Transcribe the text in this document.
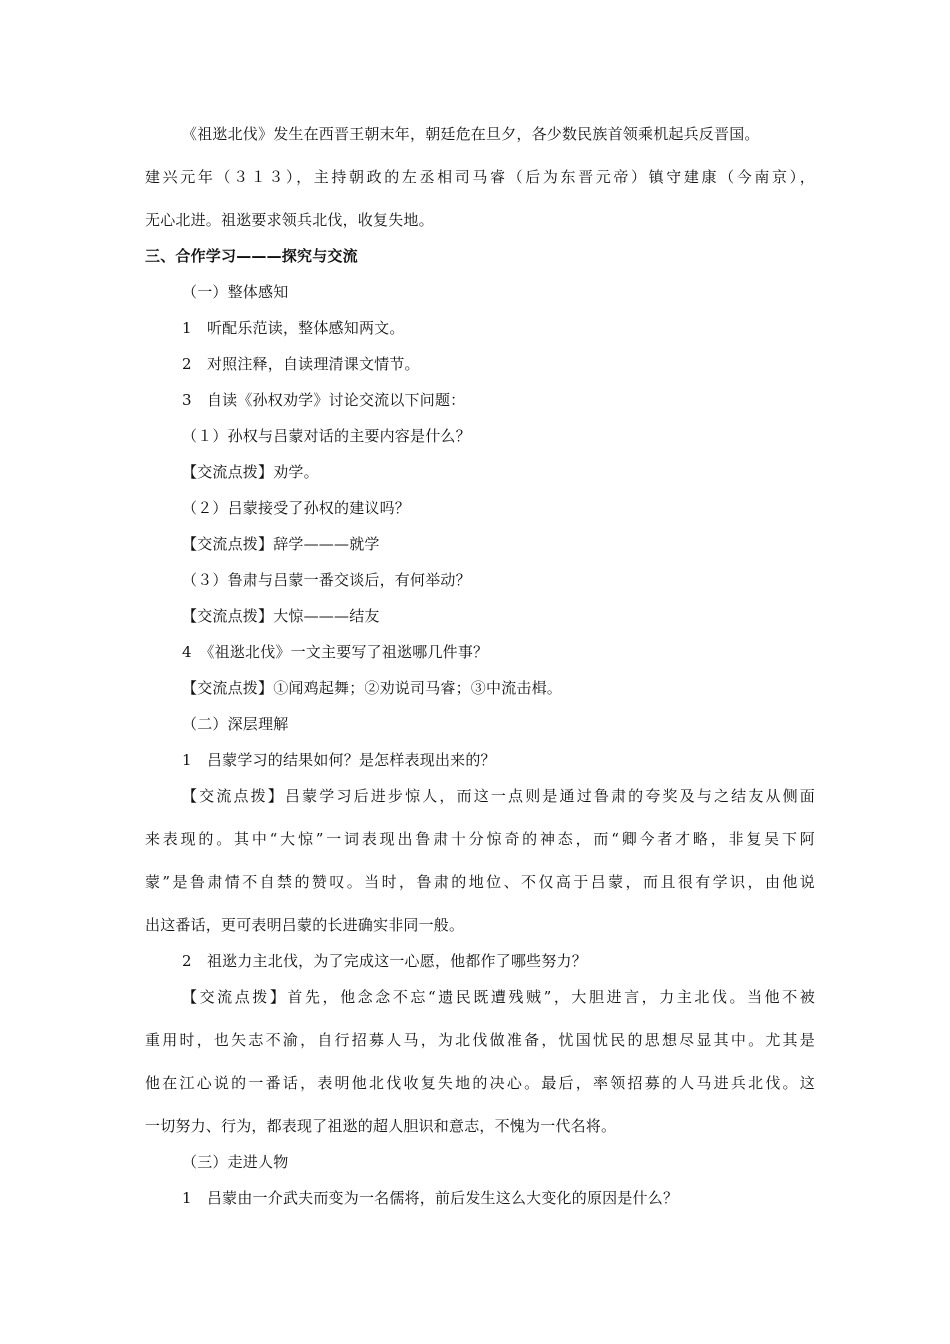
《祖逖北伐》发生在西晋王朝末年，朝廷危在旦夕，各少数民族首领乘机起兵反晋国。
建兴元年（３１３），主持朝政的左丞相司马睿（后为东晋元帝）镇守建康（今南京），
无心北进。祖逖要求领兵北伐，收复失地。
三、合作学习———探究与交流
（一）整体感知
1　听配乐范读，整体感知两文。
2　对照注释，自读理清课文情节。
3　自读《孙权劝学》讨论交流以下问题：
（１）孙权与吕蒙对话的主要内容是什么？
【交流点拨】劝学。
（２）吕蒙接受了孙权的建议吗？
【交流点拨】辞学———就学
（３）鲁肃与吕蒙一番交谈后，有何举动？
【交流点拨】大惊———结友
4　《祖逖北伐》一文主要写了祖逖哪几件事？
【交流点拨】①闻鸡起舞；②劝说司马睿；③中流击楫。
（二）深层理解
1　吕蒙学习的结果如何？是怎样表现出来的？
【交流点拨】吕蒙学习后进步惊人，而这一点则是通过鲁肃的夸奖及与之结友从侧面
来表现的。其中“大惊”一词表现出鲁肃十分惊奇的神态，而“卿今者才略，非复吴下阿
蒙”是鲁肃情不自禁的赞叹。当时，鲁肃的地位、不仅高于吕蒙，而且很有学识，由他说
出这番话，更可表明吕蒙的长进确实非同一般。
2　祖逖力主北伐，为了完成这一心愿，他都作了哪些努力？
【交流点拨】首先，他念念不忘“遗民既遭残贼”，大胆进言，力主北伐。当他不被
重用时，也矢志不渝，自行招募人马，为北伐做准备，忧国忧民的思想尽显其中。尤其是
他在江心说的一番话，表明他北伐收复失地的决心。最后，率领招募的人马进兵北伐。这
一切努力、行为，都表现了祖逖的超人胆识和意志，不愧为一代名将。
（三）走进人物
1　吕蒙由一介武夫而变为一名儒将，前后发生这么大变化的原因是什么？
